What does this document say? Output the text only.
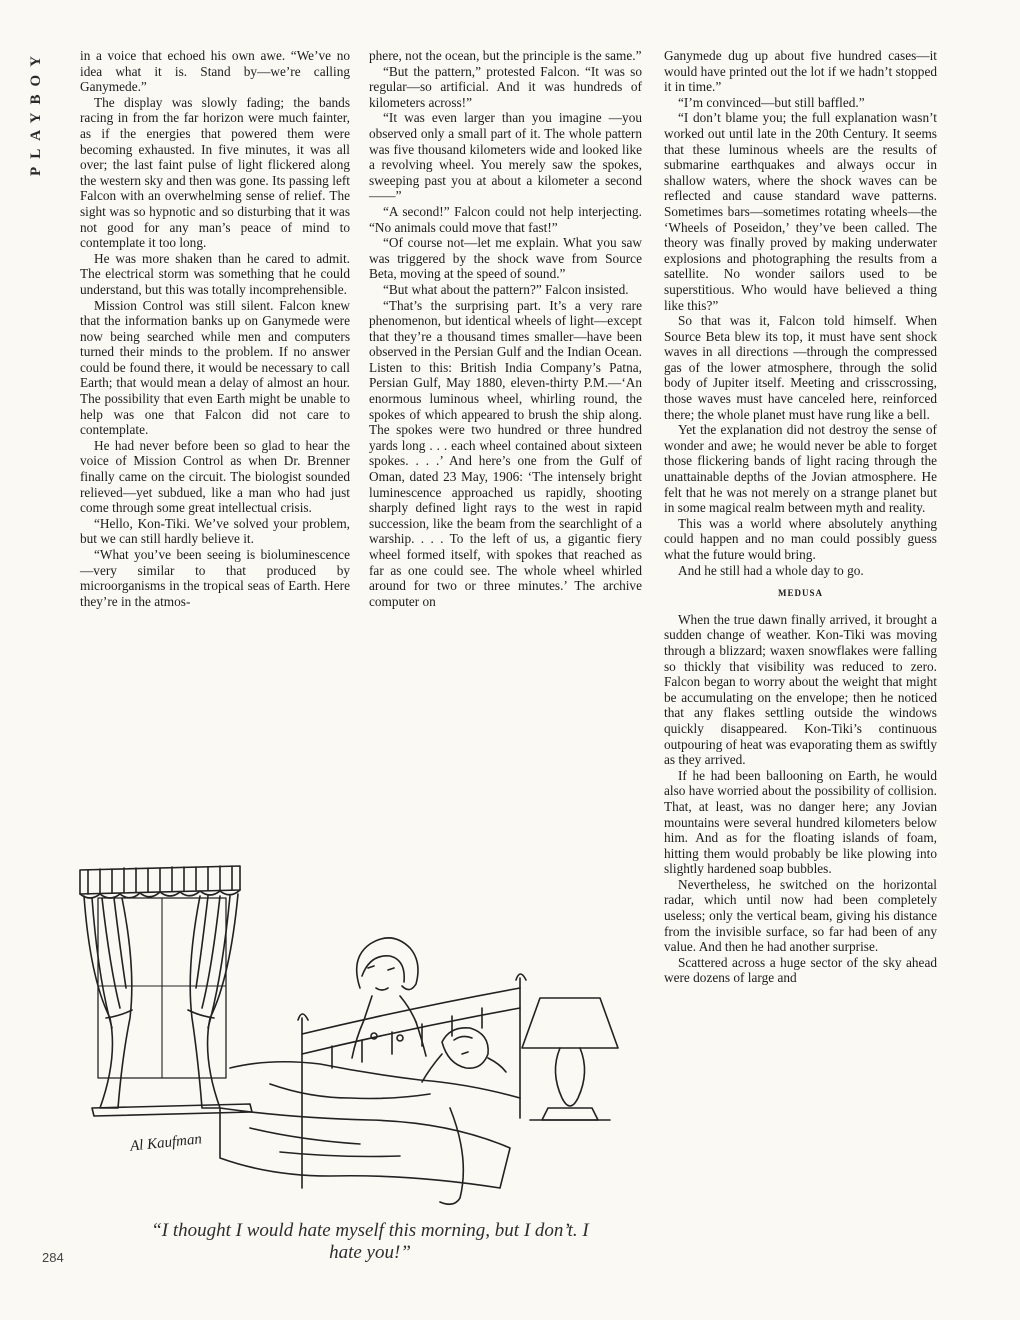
PLAYBOY	in a voice that echoed his own awe. “We’ve no idea what it is. Stand by—we’re calling Ganymede.”

The display was slowly fading; the bands racing in from the far horizon were much fainter, as if the energies that powered them were becoming exhausted. In five minutes, it was all over; the last faint pulse of light flickered along the western sky and then was gone. Its passing left Falcon with an overwhelming sense of relief. The sight was so hypnotic and so disturbing that it was not good for any man’s peace of mind to contemplate it too long.

He was more shaken than he cared to admit. The electrical storm was something that he could understand, but this was totally incomprehensible.

Mission Control was still silent. Falcon knew that the information banks up on Ganymede were now being searched while men and computers turned their minds to the problem. If no answer could be found there, it would be necessary to call Earth; that would mean a delay of almost an hour. The possibility that even Earth might be unable to help was one that Falcon did not care to contemplate.

He had never before been so glad to hear the voice of Mission Control as when Dr. Brenner finally came on the circuit. The biologist sounded relieved—yet subdued, like a man who had just come through some great intellectual crisis.

“Hello, Kon-Tiki. We’ve solved your problem, but we can still hardly believe it.

“What you’ve been seeing is bioluminescence—very similar to that produced by microorganisms in the tropical seas of Earth. Here they’re in the atmos-

phere, not the ocean, but the principle is the same.”

“But the pattern,” protested Falcon. “It was so regular—so artificial. And it was hundreds of kilometers across!”

“It was even larger than you imagine —you observed only a small part of it. The whole pattern was five thousand kilometers wide and looked like a revolving wheel. You merely saw the spokes, sweeping past you at about a kilometer a second——”

“A second!” Falcon could not help interjecting. “No animals could move that fast!”

“Of course not—let me explain. What you saw was triggered by the shock wave from Source Beta, moving at the speed of sound.”

“But what about the pattern?” Falcon insisted.

“That’s the surprising part. It’s a very rare phenomenon, but identical wheels of light—except that they’re a thousand times smaller—have been observed in the Persian Gulf and the Indian Ocean. Listen to this: British India Company’s Patna, Persian Gulf, May 1880, eleven-thirty P.M.—‘An enormous luminous wheel, whirling round, the spokes of which appeared to brush the ship along. The spokes were two hundred or three hundred yards long . . . each wheel contained about sixteen spokes. . . .’ And here’s one from the Gulf of Oman, dated 23 May, 1906: ‘The intensely bright luminescence approached us rapidly, shooting sharply defined light rays to the west in rapid succession, like the beam from the searchlight of a warship. . . . To the left of us, a gigantic fiery wheel formed itself, with spokes that reached as far as one could see. The whole wheel whirled around for two or three minutes.’ The archive computer on

Ganymede dug up about five hundred cases—it would have printed out the lot if we hadn’t stopped it in time.”

“I’m convinced—but still baffled.”

“I don’t blame you; the full explanation wasn’t worked out until late in the 20th Century. It seems that these luminous wheels are the results of submarine earthquakes and always occur in shallow waters, where the shock waves can be reflected and cause standard wave patterns. Sometimes bars—sometimes rotating wheels—the ‘Wheels of Poseidon,’ they’ve been called. The theory was finally proved by making underwater explosions and photographing the results from a satellite. No wonder sailors used to be superstitious. Who would have believed a thing like this?”

So that was it, Falcon told himself. When Source Beta blew its top, it must have sent shock waves in all directions —through the compressed gas of the lower atmosphere, through the solid body of Jupiter itself. Meeting and crisscrossing, those waves must have canceled here, reinforced there; the whole planet must have rung like a bell.

Yet the explanation did not destroy the sense of wonder and awe; he would never be able to forget those flickering bands of light racing through the unattainable depths of the Jovian atmosphere. He felt that he was not merely on a strange planet but in some magical realm between myth and reality.

This was a world where absolutely anything could happen and no man could possibly guess what the future would bring.

And he still had a whole day to go.

MEDUSA

When the true dawn finally arrived, it brought a sudden change of weather. Kon-Tiki was moving through a blizzard; waxen snowflakes were falling so thickly that visibility was reduced to zero. Falcon began to worry about the weight that might be accumulating on the envelope; then he noticed that any flakes settling outside the windows quickly disappeared. Kon-Tiki’s continuous outpouring of heat was evaporating them as swiftly as they arrived.

If he had been ballooning on Earth, he would also have worried about the possibility of collision. That, at least, was no danger here; any Jovian mountains were several hundred kilometers below him. And as for the floating islands of foam, hitting them would probably be like plowing into slightly hardened soap bubbles.

Nevertheless, he switched on the horizontal radar, which until now had been completely useless; only the vertical beam, giving his distance from the invisible surface, so far had been of any value. And then he had another surprise.

Scattered across a huge sector of the sky ahead were dozens of large and

Al Kaufman
“I thought I would hate myself this morning, but I don’t. I hate you!”
284
